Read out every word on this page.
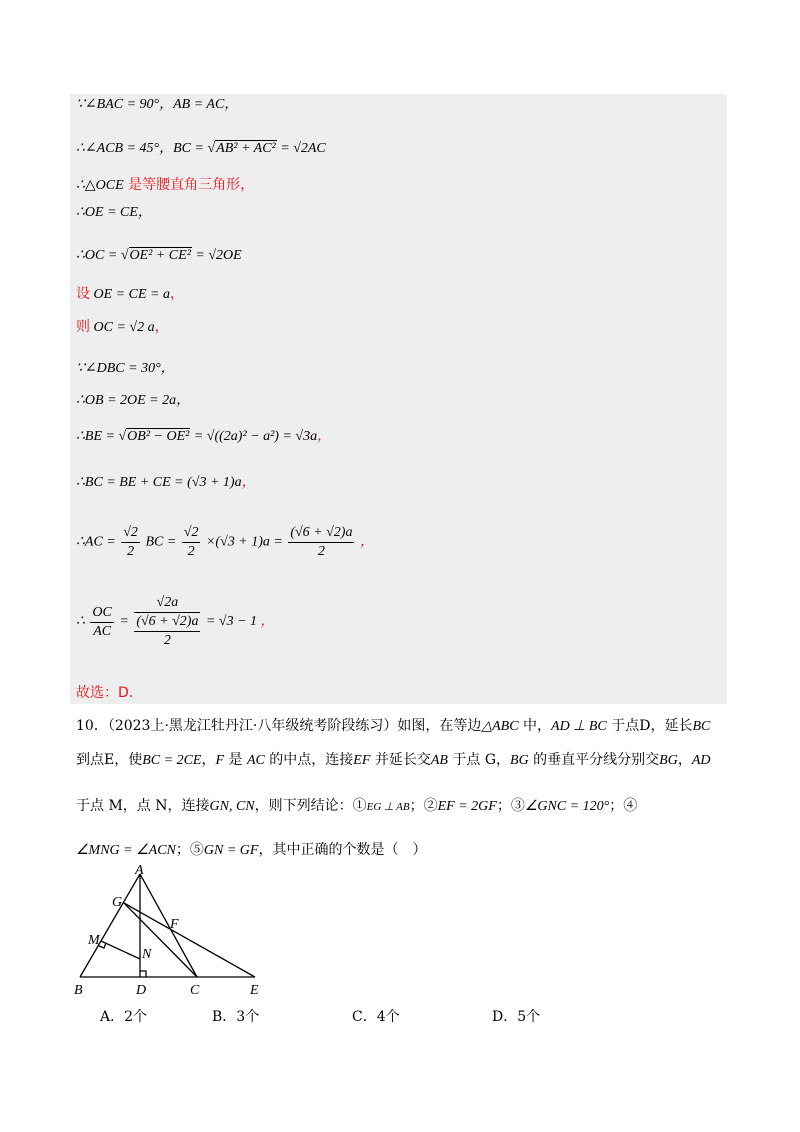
∵∠BAC = 90°，AB = AC，
∴∠ACB = 45°，BC = √AB² + AC² = √2AC
∴△OCE 是等腰直角三角形，
∴OE = CE，
∴OC = √OE² + CE² = √2OE
设 OE = CE = a，
则 OC = √2 a，
∵∠DBC = 30°，
∴OB = 2OE = 2a，
∴BE = √OB² − OE² = √((2a)² − a²) = √3a，
∴BC = BE + CE = (√3 + 1)a，
∴AC = $\frac{√2}{2}$ BC = $\frac{√2}{2} \times(√3 + 1)a = \frac{(√6 + √2)a}{2}$ ，
∴ $\frac{OC}{AC} = \frac{√2a}{\frac{(√6 + √2)a}{2}} = √3 - 1$ ，
故选：D.
10．（2023上·黑龙江牡丹江·八年级统考阶段练习）如图，在等边△ABC 中，AD ⊥ BC 于点D，延长BC
到点E，使BC = 2CE，F 是 AC 的中点，连接EF 并延长交AB 于点 G，BG 的垂直平分线分别交BG，AD
于点 M，点 N，连接GN, CN，则下列结论：①EG ⊥ AB；②EF = 2GF；③∠GNC = 120°；④
∠MNG = ∠ACN；⑤GN = GF，其中正确的个数是（　）
A
G
F
M
N
B	D	C	E
A．2个	B．3个	C．4个	D．5个
